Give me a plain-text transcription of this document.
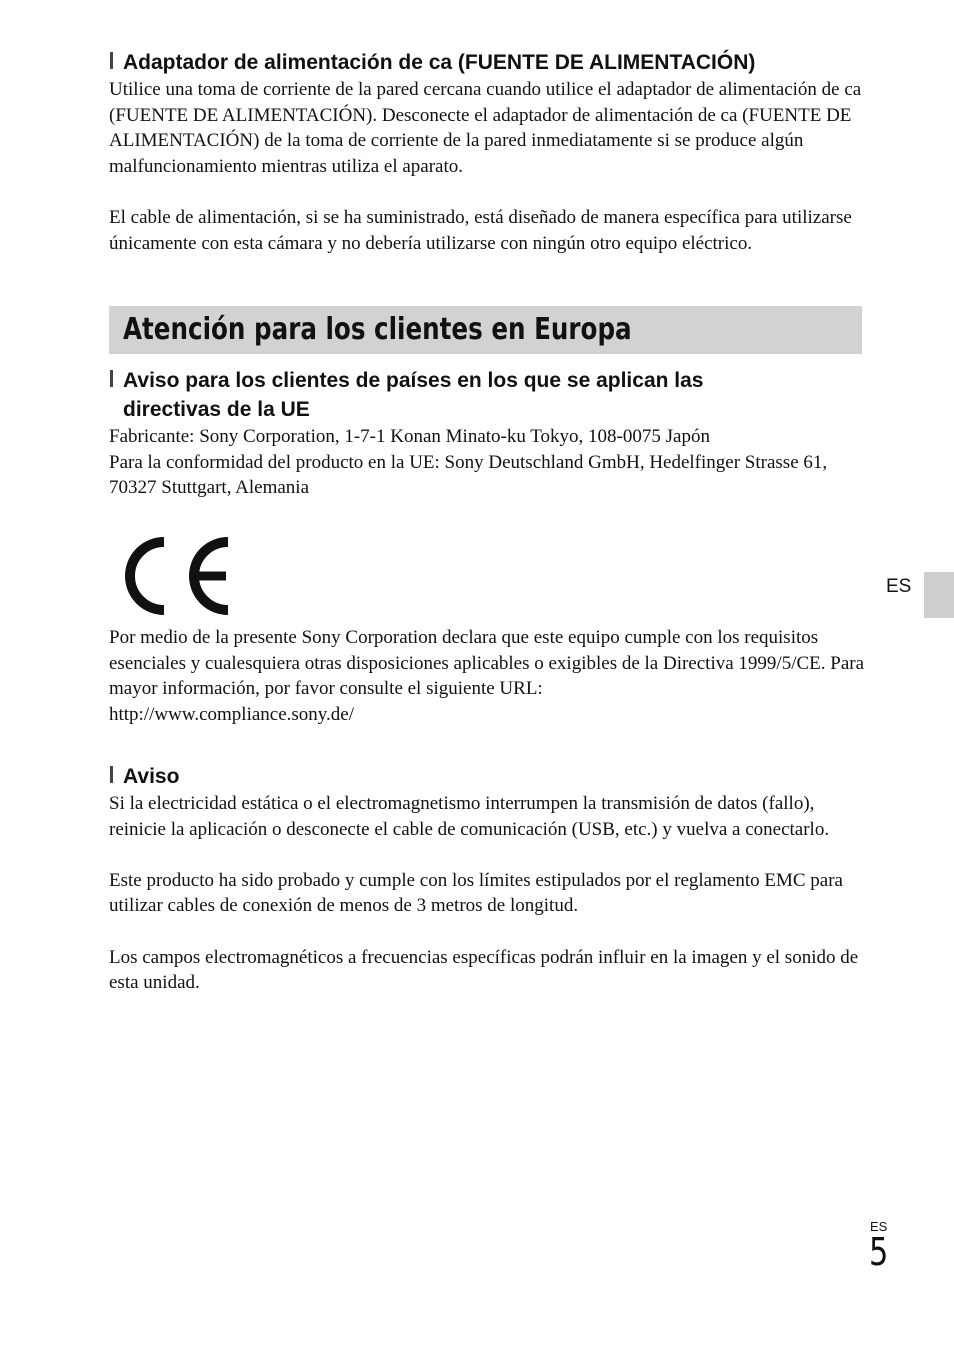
Adaptador de alimentación de ca (FUENTE DE ALIMENTACIÓN)

Utilice una toma de corriente de la pared cercana cuando utilice el adaptador de alimentación de ca (FUENTE DE ALIMENTACIÓN). Desconecte el adaptador de alimentación de ca (FUENTE DE ALIMENTACIÓN) de la toma de corriente de la pared inmediatamente si se produce algún malfuncionamiento mientras utiliza el aparato.

El cable de alimentación, si se ha suministrado, está diseñado de manera específica para utilizarse únicamente con esta cámara y no debería utilizarse con ningún otro equipo eléctrico.

Atención para los clientes en Europa
Aviso para los clientes de países en los que se aplican las
directivas de la UE

Fabricante: Sony Corporation, 1-7-1 Konan Minato-ku Tokyo, 108-0075 Japón

Para la conformidad del producto en la UE: Sony Deutschland GmbH, Hedelfinger Strasse 61, 70327 Stuttgart, Alemania

Por medio de la presente Sony Corporation declara que este equipo cumple con los requisitos esenciales y cualesquiera otras disposiciones aplicables o exigibles de la Directiva 1999/5/CE. Para mayor información, por favor consulte el siguiente URL:

http://www.compliance.sony.de/

Aviso

Si la electricidad estática o el electromagnetismo interrumpen la transmisión de datos (fallo), reinicie la aplicación o desconecte el cable de comunicación (USB, etc.) y vuelva a conectarlo.

Este producto ha sido probado y cumple con los límites estipulados por el reglamento EMC para utilizar cables de conexión de menos de 3 metros de longitud.

Los campos electromagnéticos a frecuencias específicas podrán influir en la imagen y el sonido de esta unidad.

ES
ES
5
